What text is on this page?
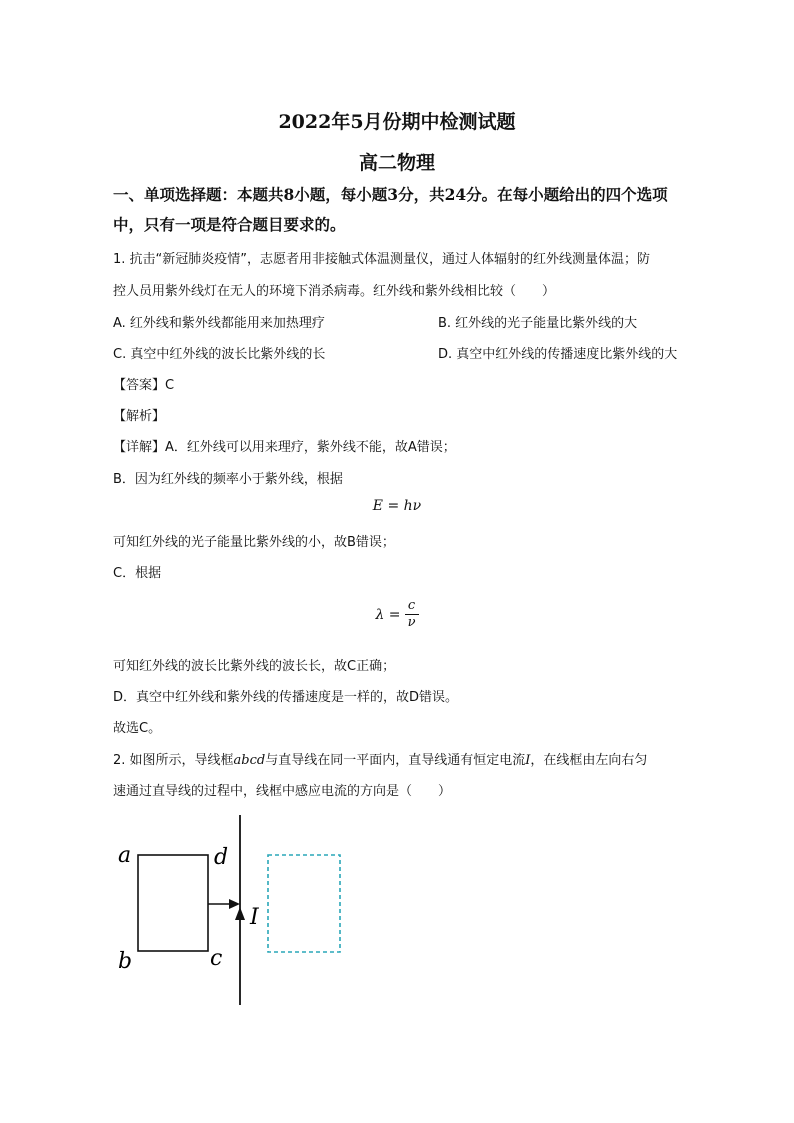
2022年5月份期中检测试题
高二物理
一、单项选择题：本题共8小题，每小题3分，共24分。在每小题给出的四个选项
中，只有一项是符合题目要求的。
1. 抗击“新冠肺炎疫情”，志愿者用非接触式体温测量仪，通过人体辐射的红外线测量体温；防
控人员用紫外线灯在无人的环境下消杀病毒。红外线和紫外线相比较（　　）
A. 红外线和紫外线都能用来加热理疗	B. 红外线的光子能量比紫外线的大
C. 真空中红外线的波长比紫外线的长	D. 真空中红外线的传播速度比紫外线的大
【答案】C
【解析】
【详解】A．红外线可以用来理疗，紫外线不能，故A错误；
B．因为红外线的频率小于紫外线，根据
E = hν
可知红外线的光子能量比紫外线的小，故B错误；
C．根据
λ =
c
ν
可知红外线的波长比紫外线的波长长，故C正确；
D．真空中红外线和紫外线的传播速度是一样的，故D错误。
故选C。
2. 如图所示，导线框abcd与直导线在同一平面内，直导线通有恒定电流I，在线框由左向右匀
速通过直导线的过程中，线框中感应电流的方向是（　　）
a	d
b	c
I
